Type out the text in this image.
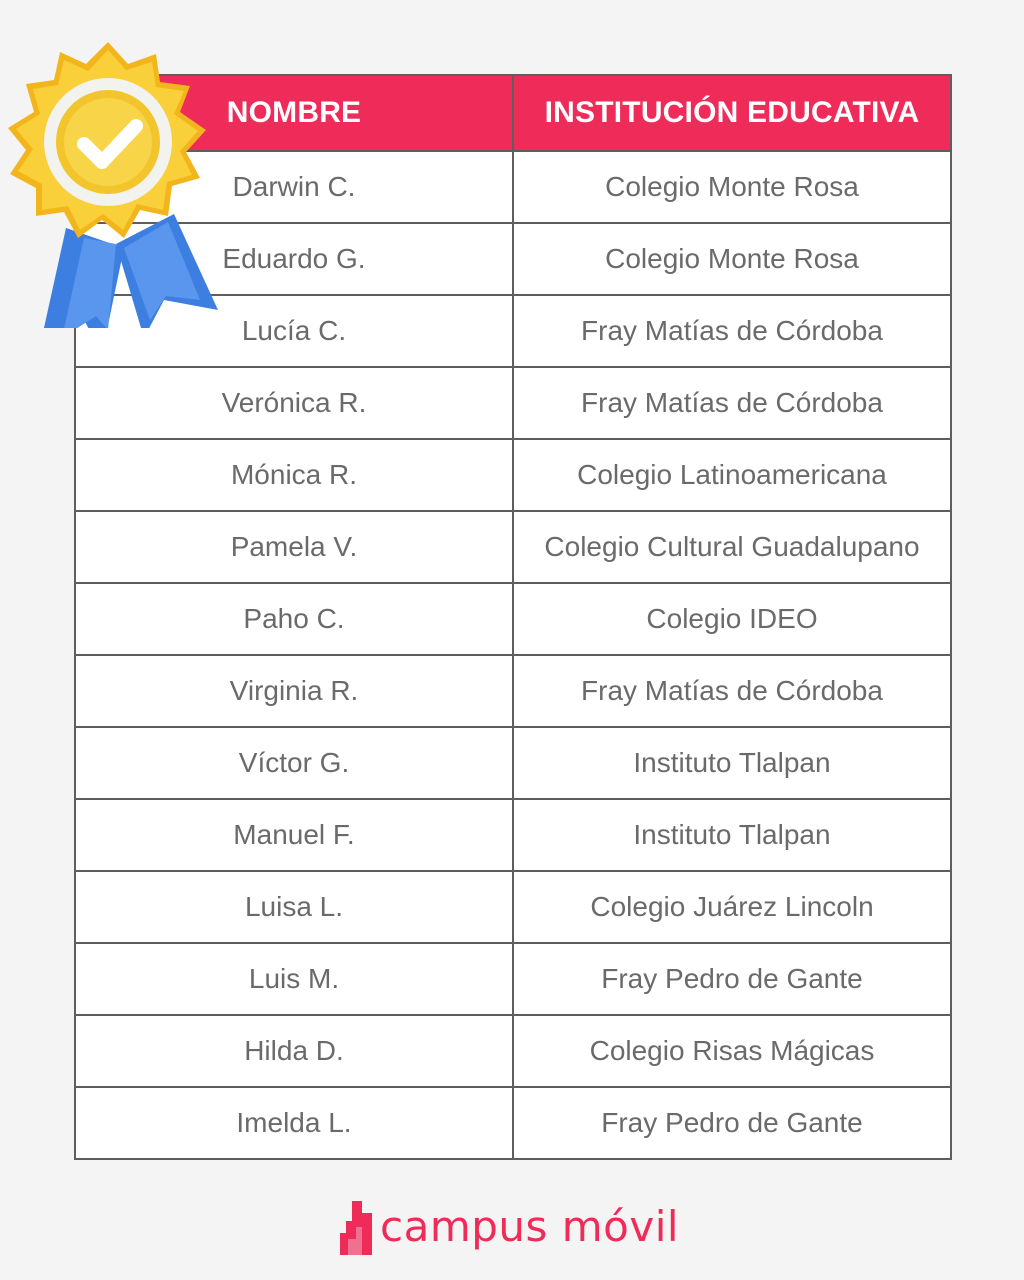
NOMBRE	INSTITUCIÓN EDUCATIVA
Darwin C.	Colegio Monte Rosa
Eduardo G.	Colegio Monte Rosa
Lucía C.	Fray Matías de Córdoba
Verónica R.	Fray Matías de Córdoba
Mónica R.	Colegio Latinoamericana
Pamela V.	Colegio Cultural Guadalupano
Paho C.	Colegio IDEO
Virginia R.	Fray Matías de Córdoba
Víctor G.	Instituto Tlalpan
Manuel F.	Instituto Tlalpan
Luisa L.	Colegio Juárez Lincoln
Luis M.	Fray Pedro de Gante
Hilda D.	Colegio Risas Mágicas
Imelda L.	Fray Pedro de Gante
campus móvil
